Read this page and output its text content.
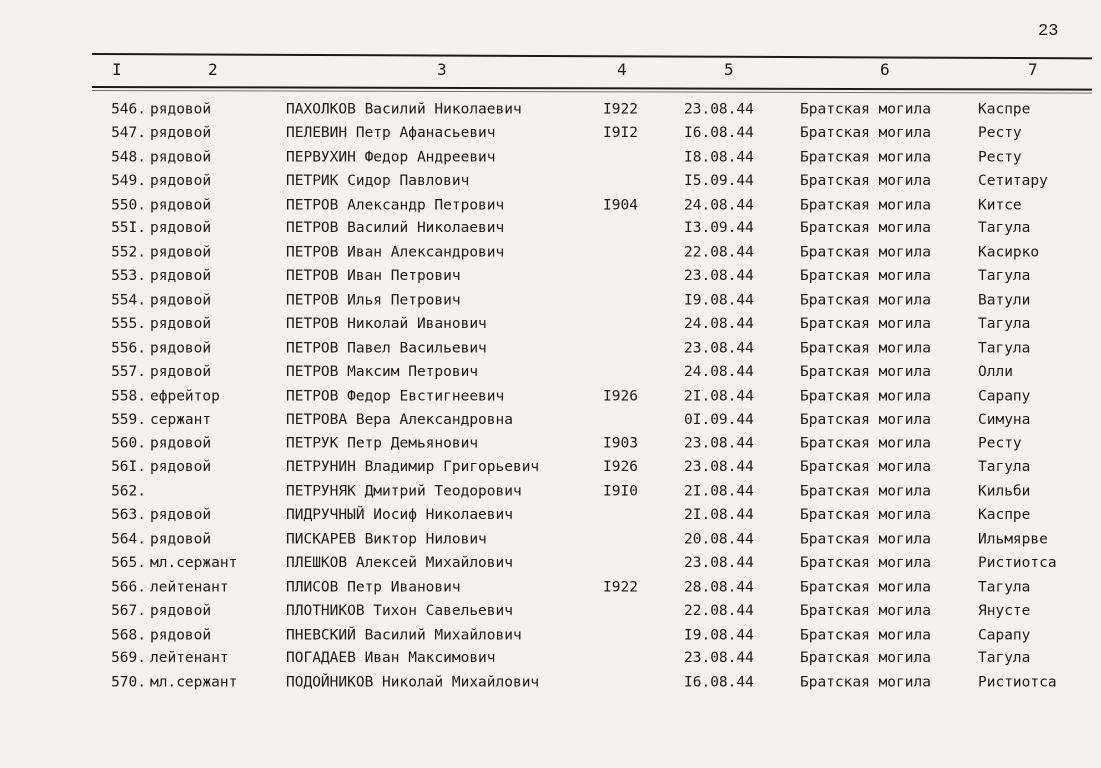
23
I	2	3	4	5	6	7
546. рядовой	ПАХОЛКОВ Василий Николаевич	I922	23.08.44	Братская могила	Каспре
547. рядовой	ПЕЛЕВИН Петр Афанасьевич	I9I2	I6.08.44	Братская могила	Ресту
548. рядовой	ПЕРВУХИН Федор Андреевич	I8.08.44	Братская могила	Ресту
549. рядовой	ПЕТРИК Сидор Павлович	I5.09.44	Братская могила	Сетитару
550. рядовой	ПЕТРОВ Александр Петрович	I904	24.08.44	Братская могила	Китсе
55I. рядовой	ПЕТРОВ Василий Николаевич	I3.09.44	Братская могила	Тагула
552. рядовой	ПЕТРОВ Иван Александрович	22.08.44	Братская могила	Касирко
553. рядовой	ПЕТРОВ Иван Петрович	23.08.44	Братская могила	Тагула
554. рядовой	ПЕТРОВ Илья Петрович	I9.08.44	Братская могила	Ватули
555. рядовой	ПЕТРОВ Николай Иванович	24.08.44	Братская могила	Тагула
556. рядовой	ПЕТРОВ Павел Васильевич	23.08.44	Братская могила	Тагула
557. рядовой	ПЕТРОВ Максим Петрович	24.08.44	Братская могила	Олли
558. ефрейтор	ПЕТРОВ Федор Евстигнеевич	I926	2I.08.44	Братская могила	Сарапу
559. сержант	ПЕТРОВА Вера Александровна	0I.09.44	Братская могила	Симуна
560. рядовой	ПЕТРУК Петр Демьянович	I903	23.08.44	Братская могила	Ресту
56I. рядовой	ПЕТРУНИН Владимир Григорьевич	I926	23.08.44	Братская могила	Тагула
562.	ПЕТРУНЯК Дмитрий Теодорович	I9I0	2I.08.44	Братская могила	Кильби
563. рядовой	ПИДРУЧНЫЙ Иосиф Николаевич	2I.08.44	Братская могила	Каспре
564. рядовой	ПИСКАРЕВ Виктор Нилович	20.08.44	Братская могила	Ильмярве
565. мл.сержант	ПЛЕШКОВ Алексей Михайлович	23.08.44	Братская могила	Ристиотса
566. лейтенант	ПЛИСОВ Петр Иванович	I922	28.08.44	Братская могила	Тагула
567. рядовой	ПЛОТНИКОВ Тихон Савельевич	22.08.44	Братская могила	Янусте
568. рядовой	ПНЕВСКИЙ Василий Михайлович	I9.08.44	Братская могила	Сарапу
569. лейтенант	ПОГАДАЕВ Иван Максимович	23.08.44	Братская могила	Тагула
570. мл.сержант	ПОДОЙНИКОВ Николай Михайлович	I6.08.44	Братская могила	Ристиотса
